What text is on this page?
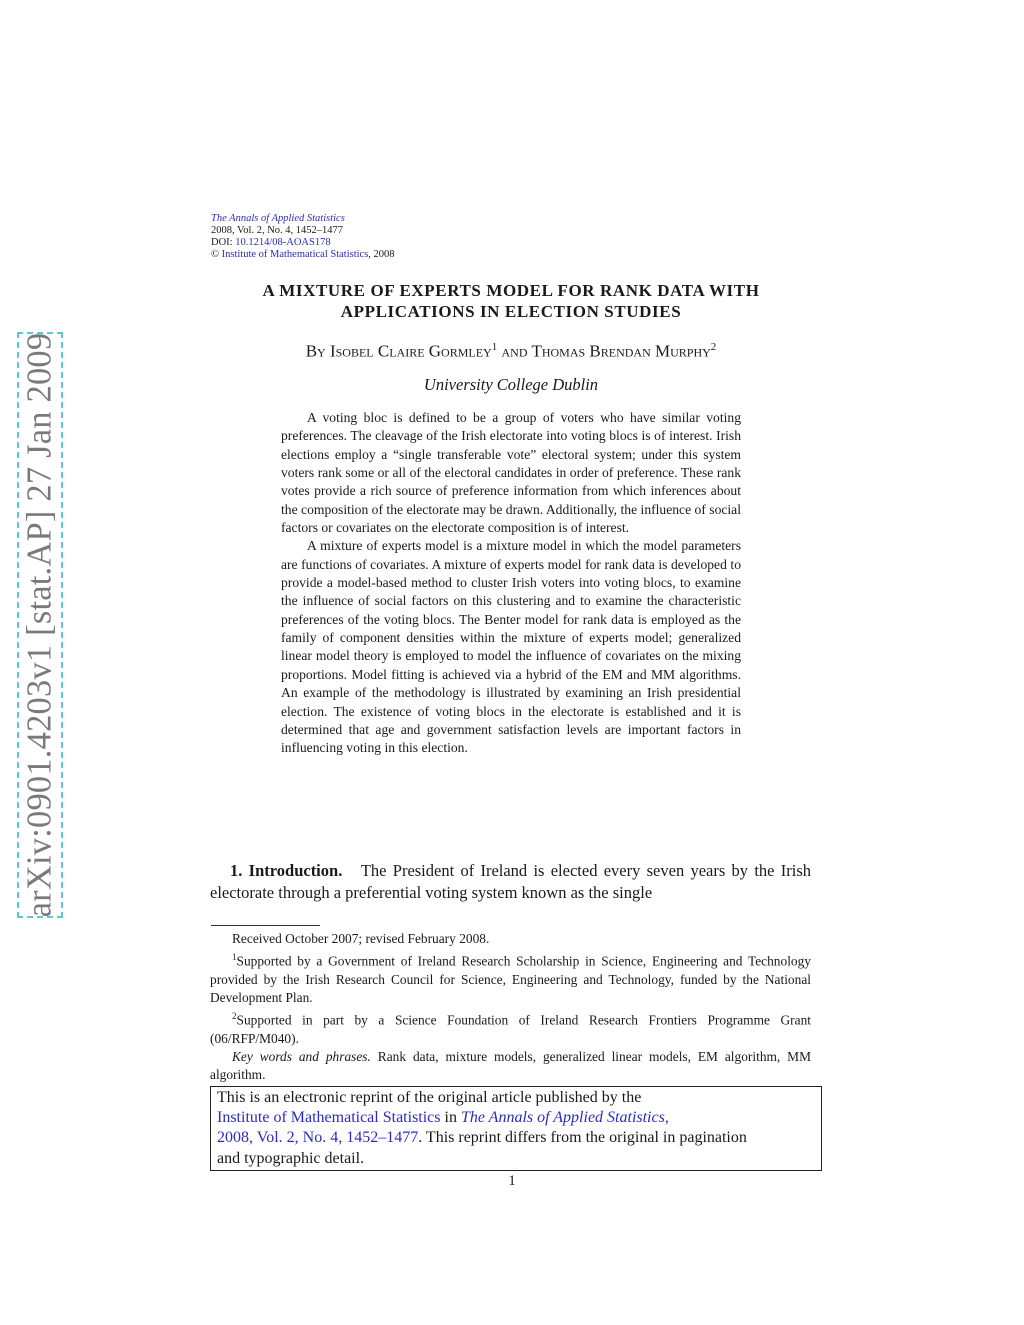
arXiv:0901.4203v1 [stat.AP] 27 Jan 2009
The Annals of Applied Statistics
2008, Vol. 2, No. 4, 1452–1477
DOI: 10.1214/08-AOAS178
© Institute of Mathematical Statistics, 2008
A MIXTURE OF EXPERTS MODEL FOR RANK DATA WITH
APPLICATIONS IN ELECTION STUDIES
By Isobel Claire Gormley$^1$ and Thomas Brendan Murphy$^2$
University College Dublin

A voting bloc is defined to be a group of voters who have similar voting preferences. The cleavage of the Irish electorate into voting blocs is of interest. Irish elections employ a “single transferable vote” electoral system; under this system voters rank some or all of the electoral candidates in order of preference. These rank votes provide a rich source of preference information from which inferences about the composition of the electorate may be drawn. Additionally, the influence of social factors or covariates on the electorate composition is of interest.

A mixture of experts model is a mixture model in which the model parameters are functions of covariates. A mixture of experts model for rank data is developed to provide a model-based method to cluster Irish voters into voting blocs, to examine the influence of social factors on this clustering and to examine the characteristic preferences of the voting blocs. The Benter model for rank data is employed as the family of component densities within the mixture of experts model; generalized linear model theory is employed to model the influence of covariates on the mixing proportions. Model fitting is achieved via a hybrid of the EM and MM algorithms. An example of the methodology is illustrated by examining an Irish presidential election. The existence of voting blocs in the electorate is established and it is determined that age and government satisfaction levels are important factors in influencing voting in this election.

1. Introduction. The President of Ireland is elected every seven years by the Irish electorate through a preferential voting system known as the single

Received October 2007; revised February 2008.

$^1$Supported by a Government of Ireland Research Scholarship in Science, Engineering and Technology provided by the Irish Research Council for Science, Engineering and Technology, funded by the National Development Plan.

$^2$Supported in part by a Science Foundation of Ireland Research Frontiers Programme Grant (06/RFP/M040).

Key words and phrases. Rank data, mixture models, generalized linear models, EM algorithm, MM algorithm.

This is an electronic reprint of the original article published by the
Institute of Mathematical Statistics in The Annals of Applied Statistics,
2008, Vol. 2, No. 4, 1452–1477. This reprint differs from the original in pagination
and typographic detail.
1
